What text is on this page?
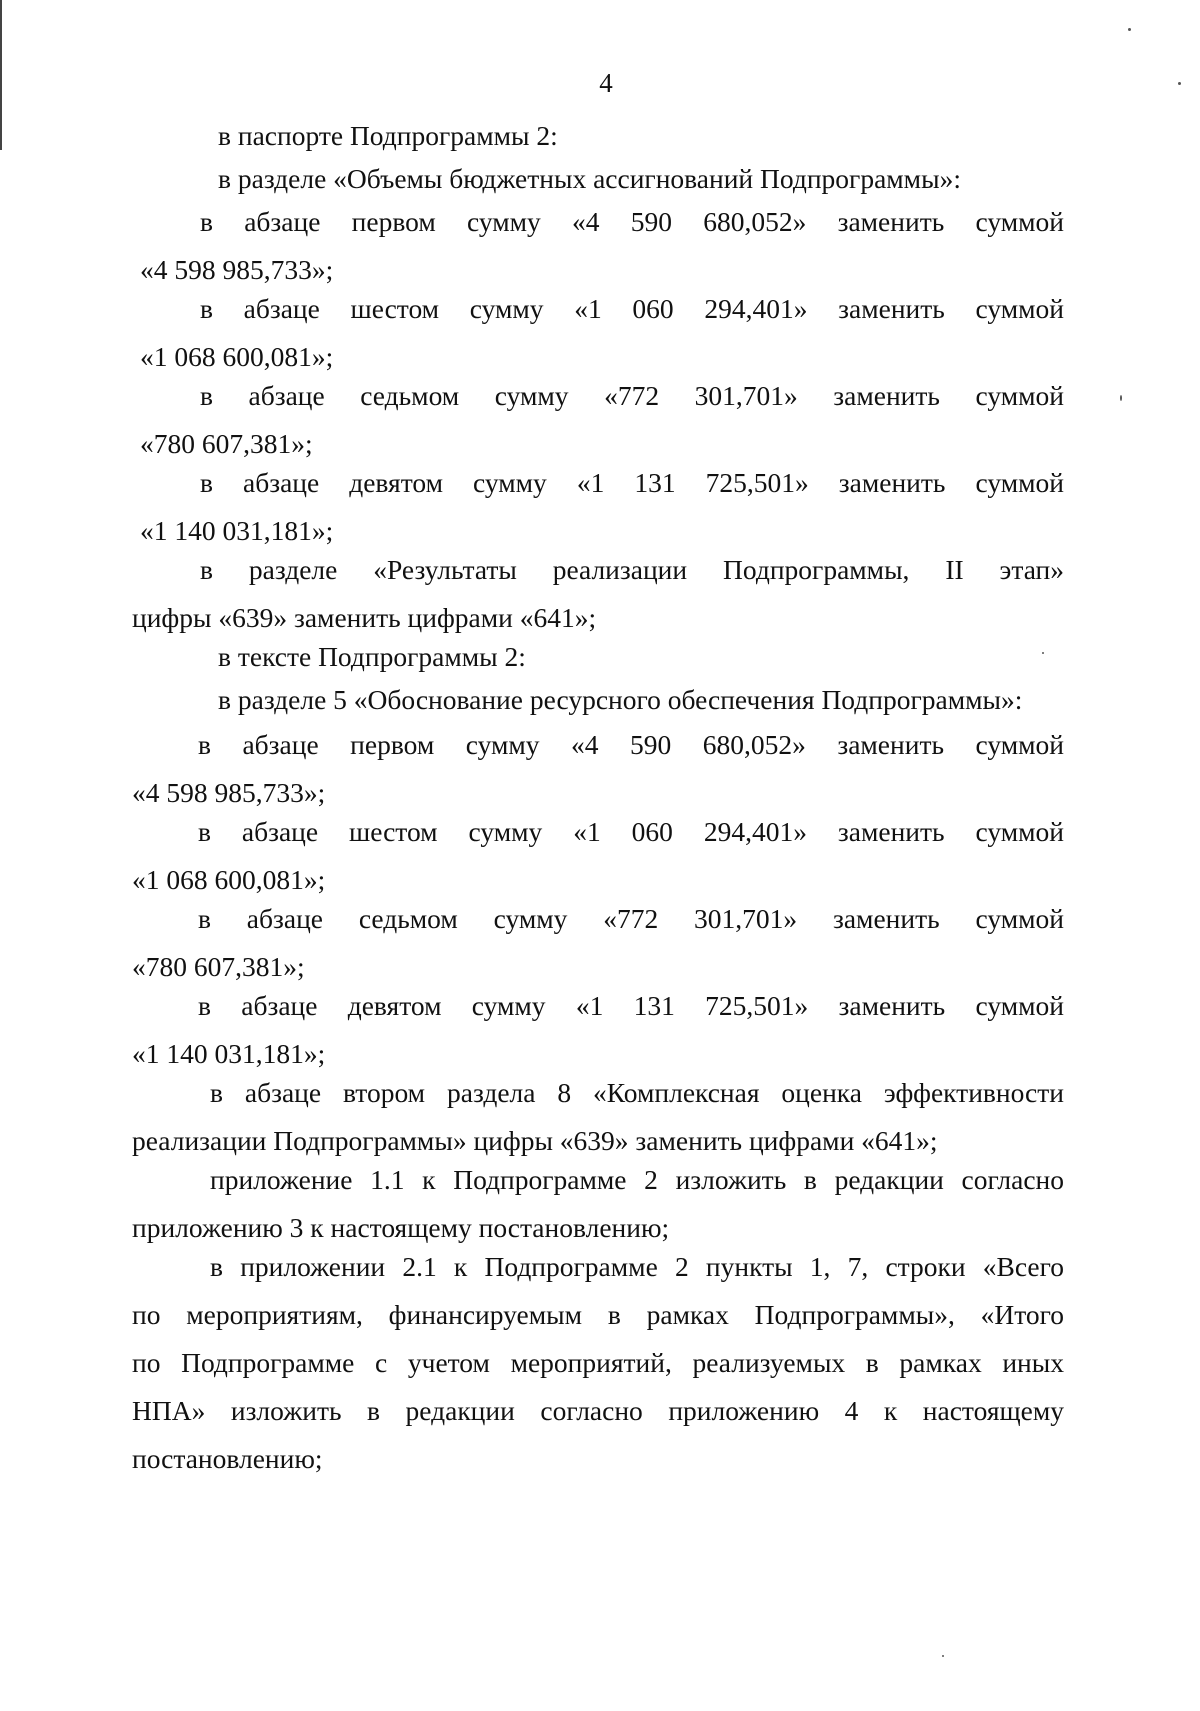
4
в паспорте Подпрограммы 2:
в разделе «Объемы бюджетных ассигнований Подпрограммы»:
в абзаце первом сумму «4 590 680,052» заменить суммой
«4 598 985,733»;
в абзаце шестом сумму «1 060 294,401» заменить суммой
«1 068 600,081»;
в абзаце седьмом сумму «772 301,701» заменить суммой
«780 607,381»;
в абзаце девятом сумму «1 131 725,501» заменить суммой
«1 140 031,181»;
в разделе «Результаты реализации Подпрограммы, II этап»
цифры «639» заменить цифрами «641»;
в тексте Подпрограммы 2:
в разделе 5 «Обоснование ресурсного обеспечения Подпрограммы»:
в абзаце первом сумму «4 590 680,052» заменить суммой
«4 598 985,733»;
в абзаце шестом сумму «1 060 294,401» заменить суммой
«1 068 600,081»;
в абзаце седьмом сумму «772 301,701» заменить суммой
«780 607,381»;
в абзаце девятом сумму «1 131 725,501» заменить суммой
«1 140 031,181»;
в абзаце втором раздела 8 «Комплексная оценка эффективности
реализации Подпрограммы» цифры «639» заменить цифрами «641»;
приложение 1.1 к Подпрограмме 2 изложить в редакции согласно
приложению 3 к настоящему постановлению;
в приложении 2.1 к Подпрограмме 2 пункты 1, 7, строки «Всего
по мероприятиям, финансируемым в рамках Подпрограммы», «Итого
по Подпрограмме с учетом мероприятий, реализуемых в рамках иных
НПА» изложить в редакции согласно приложению 4 к настоящему
постановлению;
